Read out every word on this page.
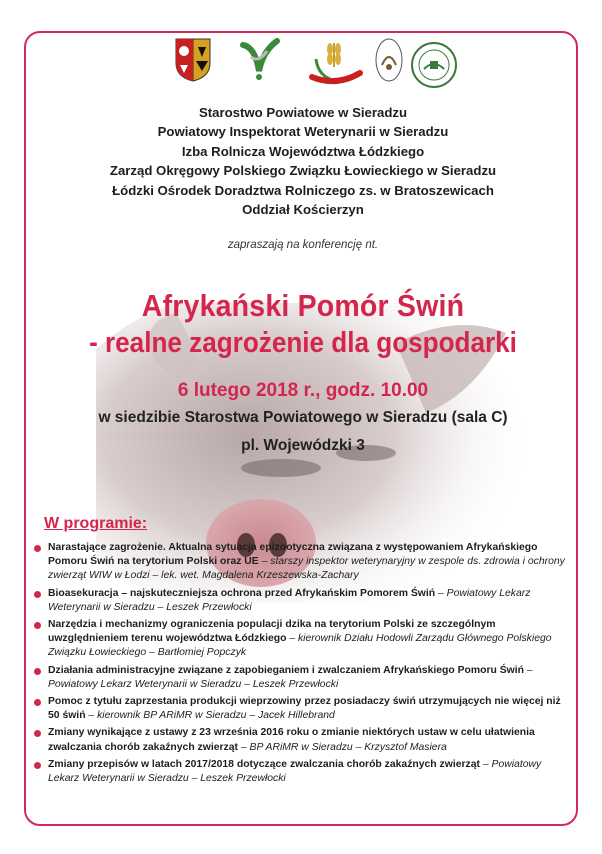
Starostwo Powiatowe w Sieradzu
Powiatowy Inspektorat Weterynarii w Sieradzu
Izba Rolnicza Województwa Łódzkiego
Zarząd Okręgowy Polskiego Związku Łowieckiego w Sieradzu
Łódzki Ośrodek Doradztwa Rolniczego zs. w Bratoszewicach
Oddział Kościerzyn
zapraszają na konferencję nt.
Afrykański Pomór Świń
- realne zagrożenie dla gospodarki
6 lutego 2018 r., godz. 10.00
w siedzibie Starostwa Powiatowego w Sieradzu (sala C)
pl. Wojewódzki 3
W programie:
Narastające zagrożenie. Aktualna sytuacja epizootyczna związana z występowaniem Afrykańskiego Pomoru Świń na terytorium Polski oraz UE – starszy inspektor weterynaryjny w zespole ds. zdrowia i ochrony zwierząt WIW w Łodzi – lek. wet. Magdalena Krzeszewska-Zachary
Bioasekuracja – najskuteczniejsza ochrona przed Afrykańskim Pomorem Świń – Powiatowy Lekarz Weterynarii w Sieradzu – Leszek Przewłocki
Narzędzia i mechanizmy ograniczenia populacji dzika na terytorium Polski ze szczególnym uwzględnieniem terenu województwa Łódzkiego – kierownik Działu Hodowli Zarządu Głównego Polskiego Związku Łowieckiego – Bartłomiej Popczyk
Działania administracyjne związane z zapobieganiem i zwalczaniem Afrykańskiego Pomoru Świń – Powiatowy Lekarz Weterynarii w Sieradzu – Leszek Przewłocki
Pomoc z tytułu zaprzestania produkcji wieprzowiny przez posiadaczy świń utrzymujących nie więcej niż 50 świń – kierownik BP ARiMR w Sieradzu – Jacek Hillebrand
Zmiany wynikające z ustawy z 23 września 2016 roku o zmianie niektórych ustaw w celu ułatwienia zwalczania chorób zakaźnych zwierząt – BP ARiMR w Sieradzu – Krzysztof Masiera
Zmiany przepisów w latach 2017/2018 dotyczące zwalczania chorób zakaźnych zwierząt – Powiatowy Lekarz Weterynarii w Sieradzu – Leszek Przewłocki
